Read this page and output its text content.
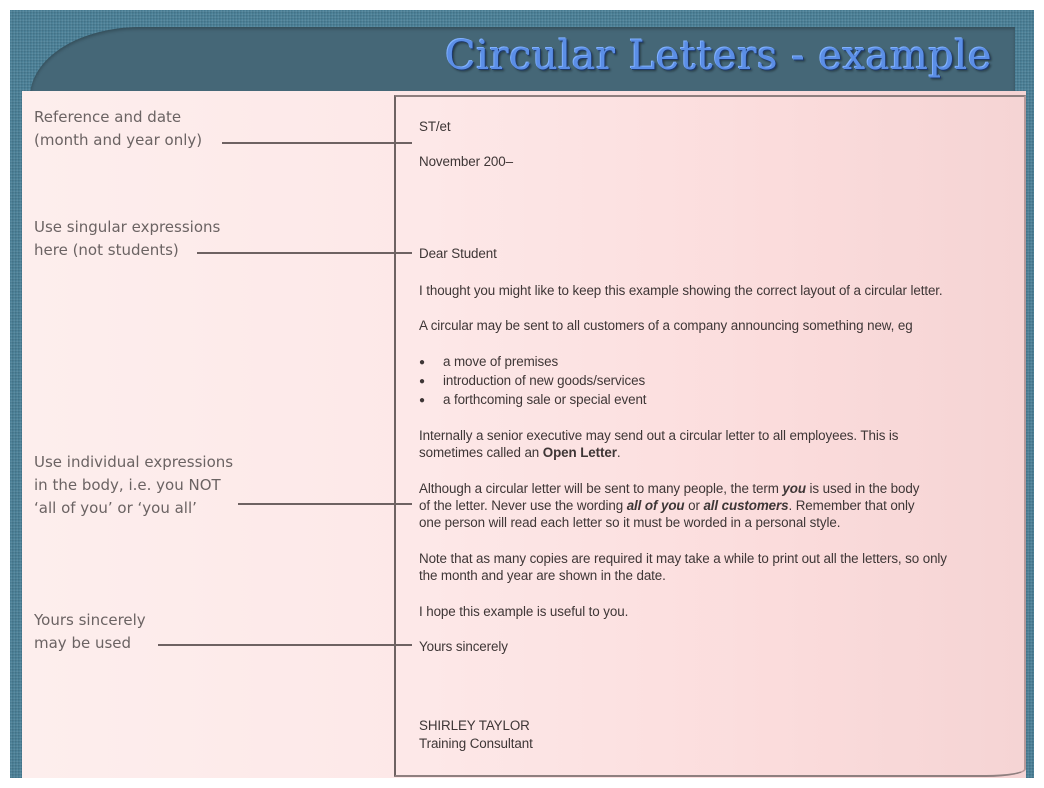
Circular Letters - example
Reference and date
(month and year only)
Use singular expressions
here (not students)
Use individual expressions
in the body, i.e. you NOT
‘all of you’ or ‘you all’
Yours sincerely
may be used
ST/et
November 200–
Dear Student
I thought you might like to keep this example showing the correct layout of a circular letter.
A circular may be sent to all customers of a company announcing something new, eg
● a move of premises
● introduction of new goods/services
● a forthcoming sale or special event
Internally a senior executive may send out a circular letter to all employees. This is
sometimes called an Open Letter.
Although a circular letter will be sent to many people, the term you is used in the body
of the letter. Never use the wording all of you or all customers. Remember that only
one person will read each letter so it must be worded in a personal style.
Note that as many copies are required it may take a while to print out all the letters, so only
the month and year are shown in the date.
I hope this example is useful to you.
Yours sincerely
SHIRLEY TAYLOR
Training Consultant
